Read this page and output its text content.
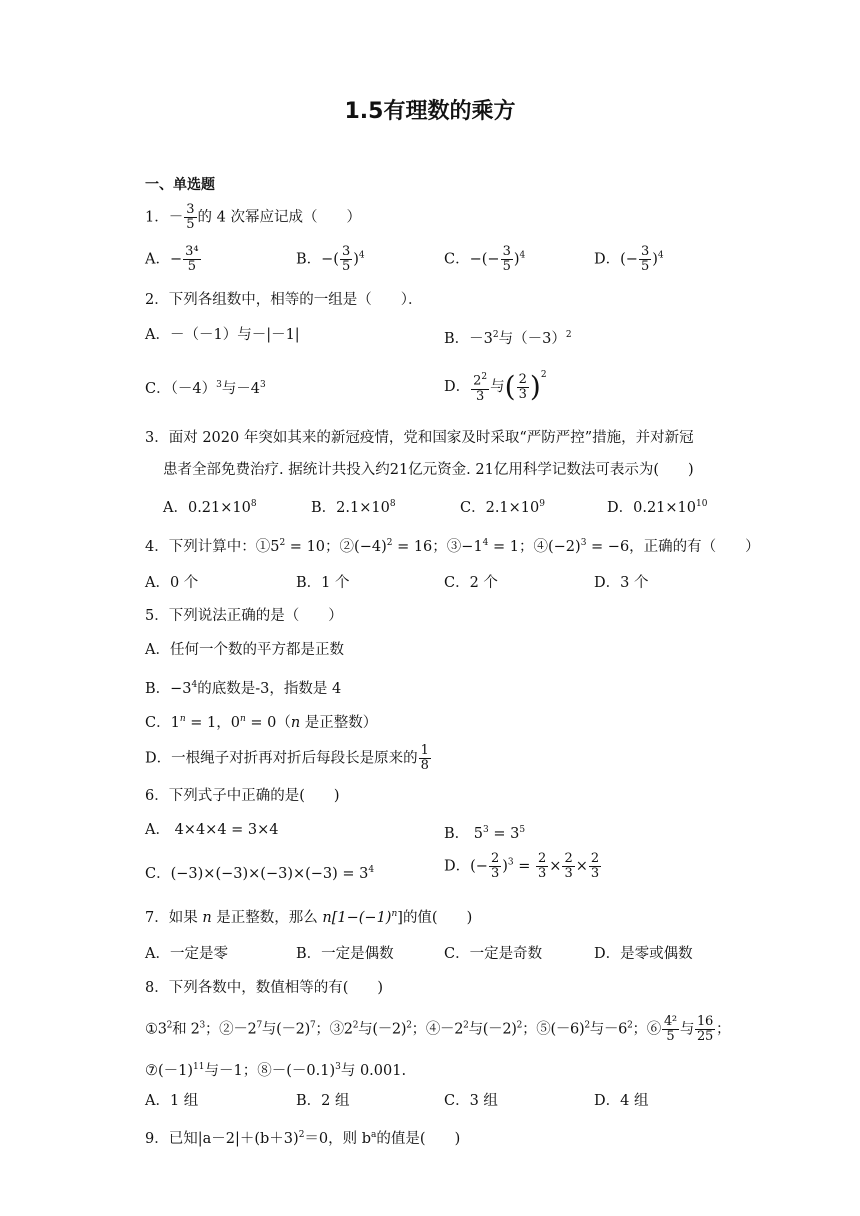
1.5有理数的乘方
一、单选题
1．－ $\frac{3}{5}$ 的 4 次幂应记成（　　）
A．− $\frac{\text{3⁴}}{5}$	B．−( $\frac{3}{5} )^4$	C．−(− $\frac{3}{5} )^4$	D．(− $\frac{3}{5} )^4$
2．下列各组数中，相等的一组是（　　）．
A．－（－1）与－|－1|	B．$-3^2$与$(-3)^2$
C．$(-4)^3$与$-4^3$	D． $\frac{2^2}{3}$ 与( $\frac{2}{3} )^2$
3．面对 2020 年突如其来的新冠疫情，党和国家及时采取“严防严控”措施，并对新冠
患者全部免费治疗. 据统计共投入约21亿元资金. 21亿用科学记数法可表示为(　　)
A．$0.21\times 10^8$	B．$2.1\times 10^8$	C．$2.1\times 10^9$	D．$0.21\times 10^{10}$
4．下列计算中：$①5^2 = 10$；$②(-4)^2 = 16$；$③-1^4 = 1$；$④(-2)^3 = -6$，正确的有（　　）
A．0 个	B．1 个	C．2 个	D．3 个
5．下列说法正确的是（　　）
A．任何一个数的平方都是正数
B．$-3^4$的底数是-3，指数是 4
C．$1^n = 1$，$0^n = 0(n$ 是正整数）
D．一根绳子对折再对折后每段长是原来的 $\frac{1}{8}$
6．下列式子中正确的是(　　)
A． 4×4×4 = 3×4	B． $5^3 = 3^5$
C．$(-3)\times(-3)\times(-3)\times(-3) = 3^4$	D．(− $\frac{2}{3} )^3 = \frac{2}{3} \times \frac{2}{3} \times \frac{2}{3}$
7．如果 n 是正整数，那么 $n[1-(-1)^n]$的值(　　)
A．一定是零	B．一定是偶数	C．一定是奇数	D．是零或偶数
8．下列各数中，数值相等的有(　　)
$①3^2$和 $2^3$；$②-2^7$与$(-2)^7$；$③2^2$与$(-2)^2$；$④-2^2$与$(-2)^2$；$⑤(-6)^2$与$-6^2$；⑥ $\frac{\text{4²}}{5}$ 与 $\frac{16}{25}$ ；
$⑦(-1)^{11}$与－1；$⑧-(-0.1)^3$与 0.001.
A．1 组	B．2 组	C．3 组	D．4 组
9．已知$|a-2|+(b+3)^2=0$，则 $b^a$的值是(　　)
